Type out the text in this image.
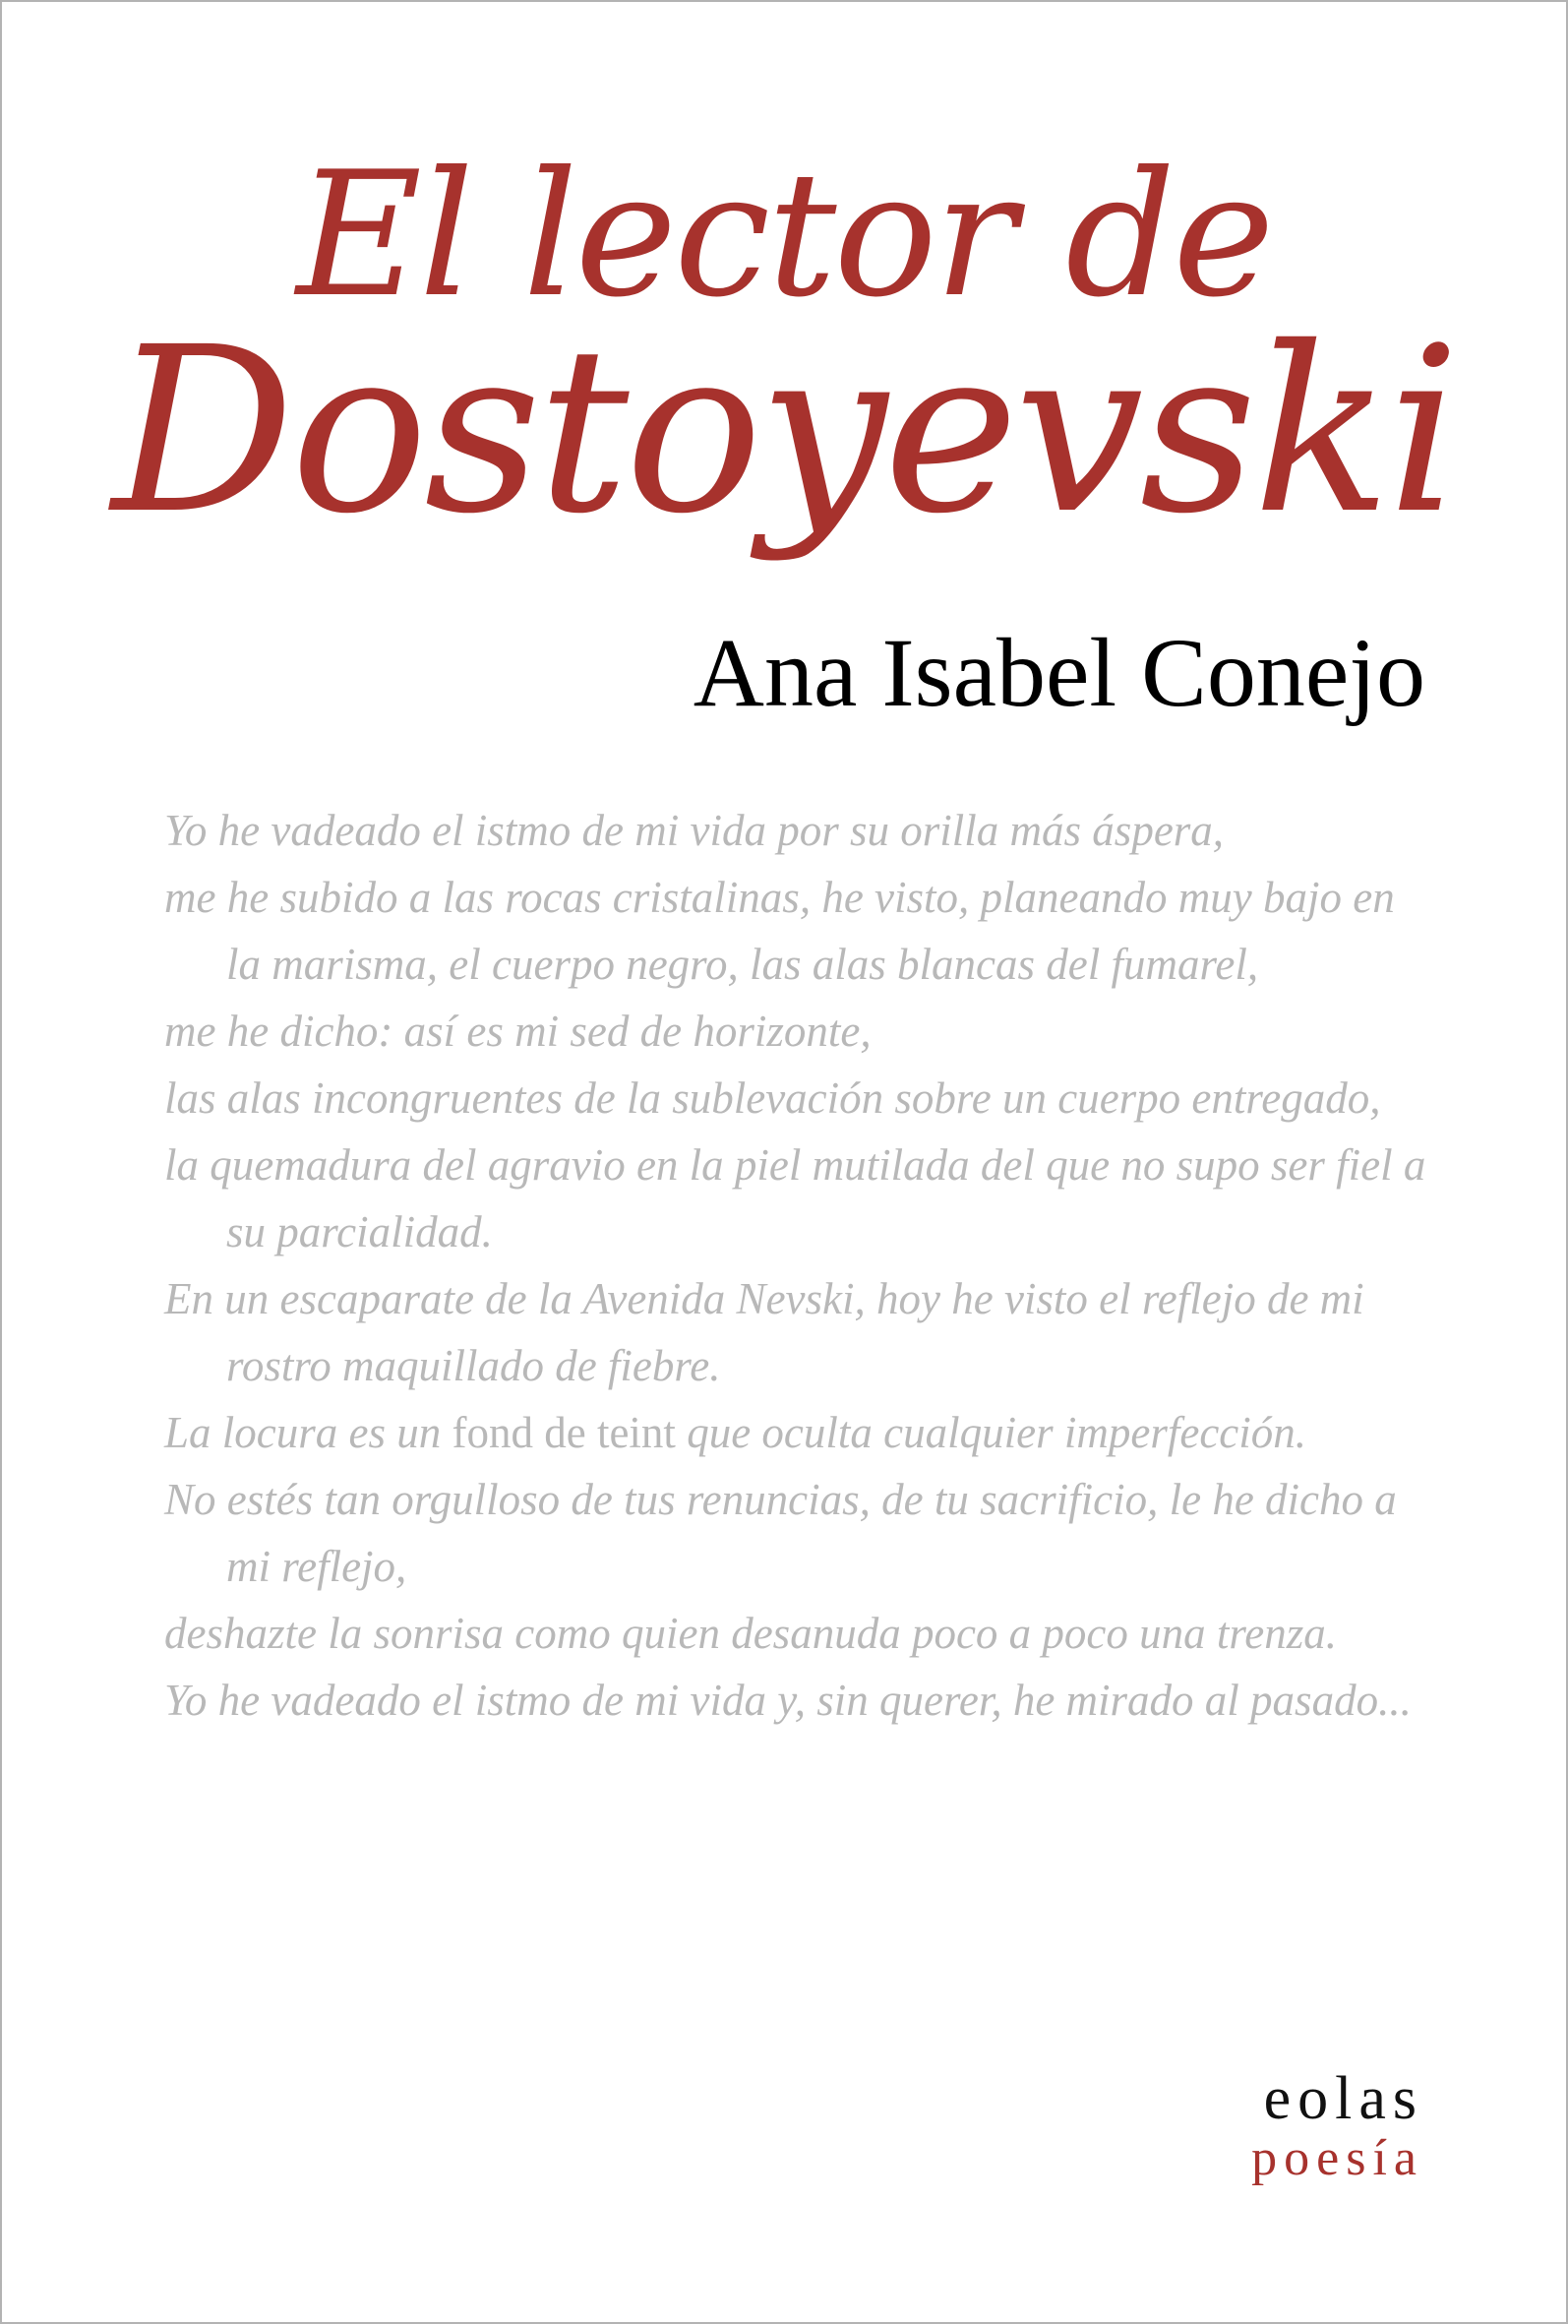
El lector de
Dostoyevski
Ana Isabel Conejo

Yo he vadeado el istmo de mi vida por su orilla más áspera,

me he subido a las rocas cristalinas, he visto, planeando muy bajo en la marisma, el cuerpo negro, las alas blancas del fumarel,

me he dicho: así es mi sed de horizonte,

las alas incongruentes de la sublevación sobre un cuerpo entregado,

la quemadura del agravio en la piel mutilada del que no supo ser fiel a su parcialidad.

En un escaparate de la Avenida Nevski, hoy he visto el reflejo de mi rostro maquillado de fiebre.

La locura es un fond de teint que oculta cualquier imperfección.

No estés tan orgulloso de tus renuncias, de tu sacrificio, le he dicho a mi reflejo,

deshazte la sonrisa como quien desanuda poco a poco una trenza.

Yo he vadeado el istmo de mi vida y, sin querer, he mirado al pasado...

eolas
poesía
